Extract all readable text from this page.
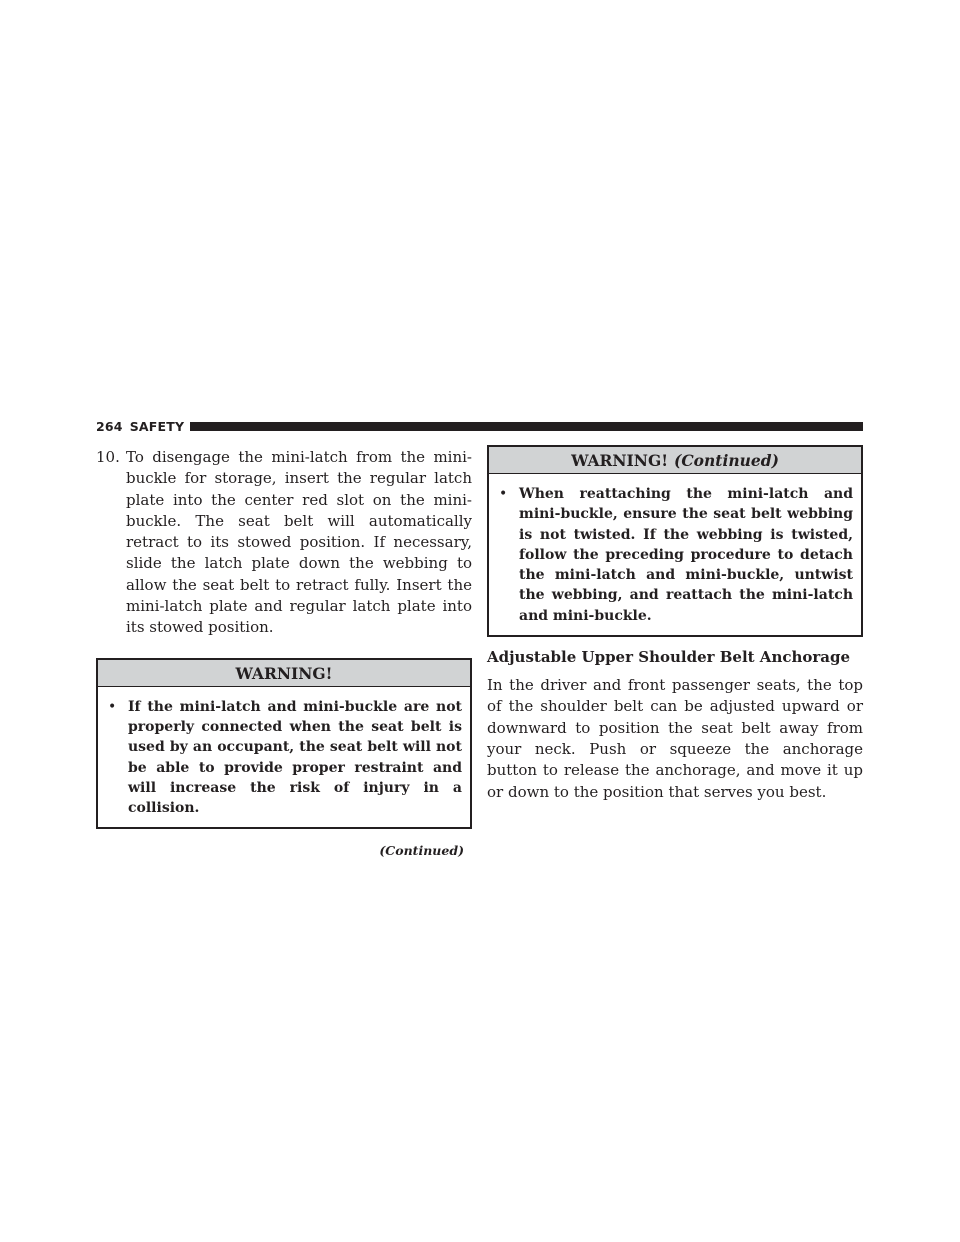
264 SAFETY
10. To disengage the mini-latch from the mini-buckle for storage, insert the regular latch plate into the center red slot on the mini-buckle. The seat belt will automatically retract to its stowed position. If necessary, slide the latch plate down the webbing to allow the seat belt to retract fully. Insert the mini-latch plate and regular latch plate into its stowed position.
WARNING!
• If the mini-latch and mini-buckle are not properly connected when the seat belt is used by an occupant, the seat belt will not be able to provide proper restraint and will increase the risk of injury in a collision.
(Continued)
WARNING! (Continued)
• When reattaching the mini-latch and mini-buckle, ensure the seat belt webbing is not twisted. If the webbing is twisted, follow the preceding procedure to detach the mini-latch and mini-buckle, untwist the webbing, and reattach the mini-latch and mini-buckle.
Adjustable Upper Shoulder Belt Anchorage
In the driver and front passenger seats, the top of the shoulder belt can be adjusted upward or downward to position the seat belt away from your neck. Push or squeeze the anchorage button to release the anchorage, and move it up or down to the position that serves you best.
